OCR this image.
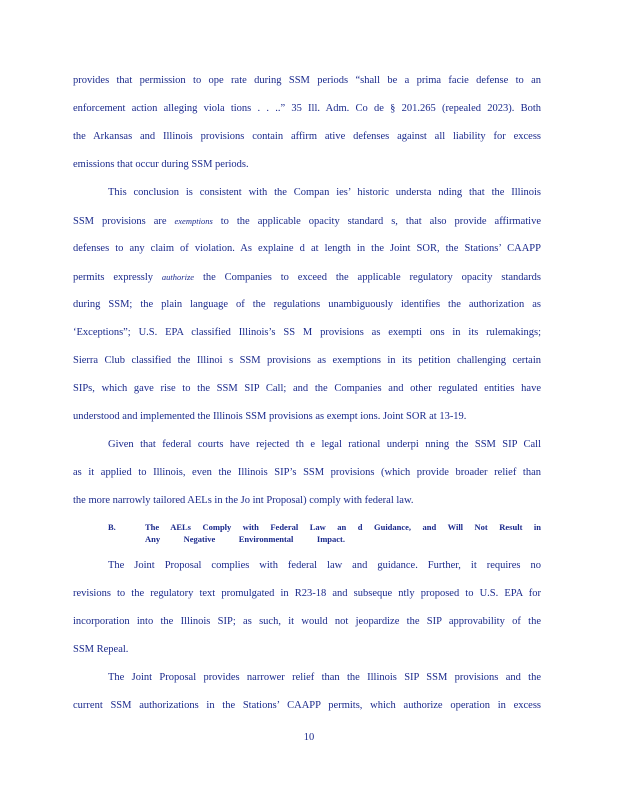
provides that permission to ope rate during SSM periods “shall be a prima facie defense to an
enforcement action alleging viola tions . . ..” 35 Ill. Adm. Co de § 201.265 (repealed 2023). Both
the Arkansas and Illinois provisions contain affirm ative defenses against all liability for excess
emissions that occur during SSM periods.
This conclusion is consistent with the Compan ies’ historic understa nding that the Illinois
SSM provisions are exemptions to the applicable opacity standard s, that also provide affirmative
defenses to any claim of violation. As explaine d at length in the Joint SOR, the Stations’ CAAPP
permits expressly authorize the Companies to exceed the applicable regulatory opacity standards
during SSM; the plain language of the regulations unambiguously identifies the authorization as
‘Exceptions”; U.S. EPA classified Illinois’s SS M provisions as exempti ons in its rulemakings;
Sierra Club classified the Illinoi s SSM provisions as exemptions in its petition challenging certain
SIPs, which gave rise to the SSM SIP Call; and the Companies and other regulated entities have
understood and implemented the Illinois SSM provisions as exempt ions. Joint SOR at 13-19.
Given that federal courts have rejected th e legal rational underpi nning the SSM SIP Call
as it applied to Illinois, even the Illinois SIP’s SSM provisions (which provide broader relief than
the more narrowly tailored AELs in the Jo int Proposal) comply with federal law.
B.	The AELs Comply with Federal Law an d Guidance, and Will Not Result in
Any Negative Environmental Impact.
The Joint Proposal complies with federal law and guidance. Further, it requires no
revisions to the regulatory text promulgated in R23-18 and subseque ntly proposed to U.S. EPA for
incorporation into the Illinois SIP; as such, it would not jeopardize the SIP approvability of the
SSM Repeal.
The Joint Proposal provides narrower relief than the Illinois SIP SSM provisions and the
current SSM authorizations in the Stations’ CAAPP permits, which authorize operation in excess
10
